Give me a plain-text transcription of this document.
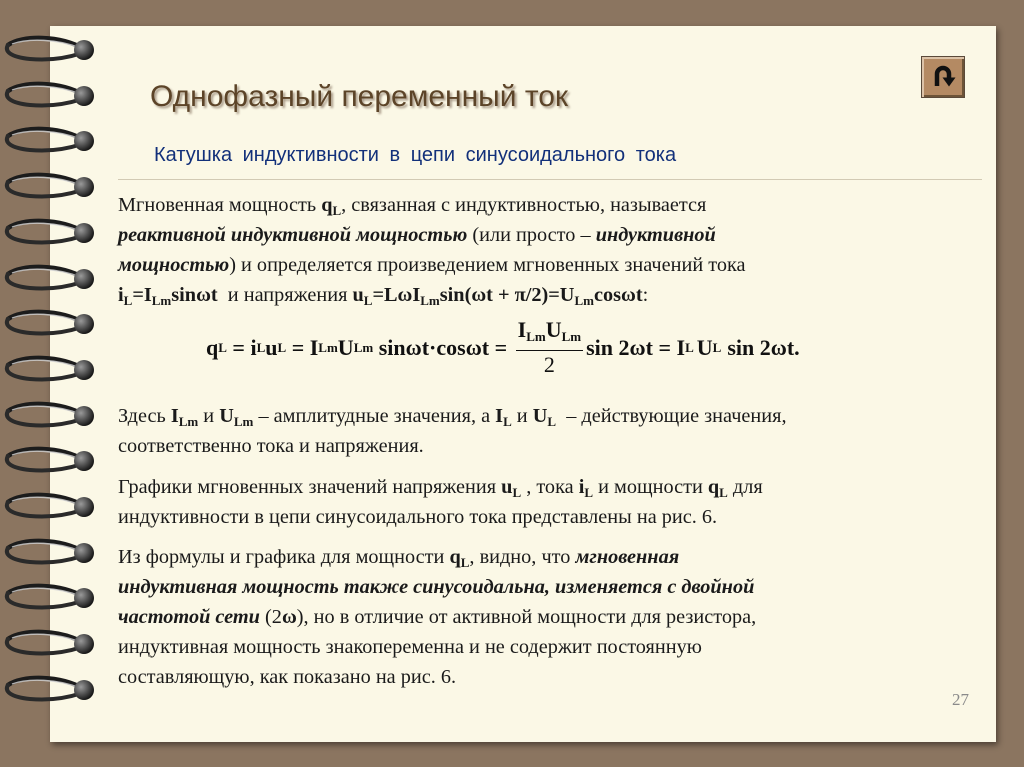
Однофазный переменный ток
Катушка индуктивности в цепи синусоидального тока

Мгновенная мощность $q_L$, связанная с индуктивностью, называется
реактивной индуктивной мощностью (или просто – индуктивной
мощностью) и определяется произведением мгновенных значений тока
$i_L=I_{Lm}\sin\omega t$  и напряжения $u_L=L\omega I_{Lm}\sin(\omega t + \pi/2)=U_{Lm}\cos\omega t$:

q L = i L u L = I Lm U Lm sin ω t · cos ω $t = \frac{\text{ILmULm}}{2}$ sin 2 ω t = I L U L sin 2 ω t.

Здесь $I_{Lm}$ и $U_{Lm}$ – амплитудные значения, а $I_L$ и $U_L$  – действующие значения,
соответственно тока и напряжения.

Графики мгновенных значений напряжения $u_L$ , тока $i_L$ и мощности $q_L$ для
индуктивности в цепи синусоидального тока представлены на рис. 6.

Из формулы и графика для мощности $q_L$, видно, что мгновенная
индуктивная мощность также синусоидальна, изменяется с двойной
частотой сети (2ω), но в отличие от активной мощности для резистора,
индуктивная мощность знакопеременна и не содержит постоянную
составляющую, как показано на рис. 6.

27
